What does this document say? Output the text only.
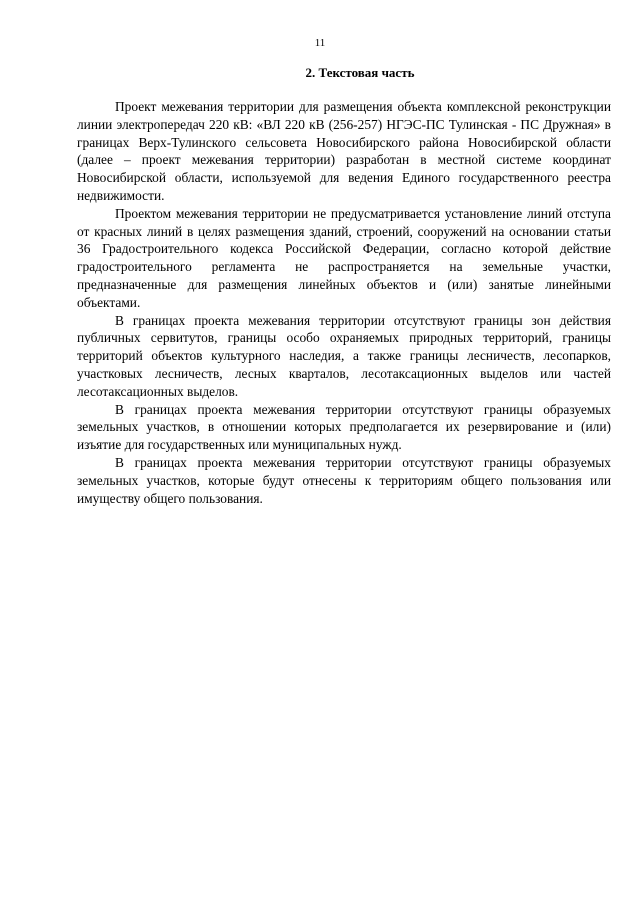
11
2. Текстовая часть

Проект межевания территории для размещения объекта комплексной реконструкции линии электропередач 220 кВ: «ВЛ 220 кВ (256-257) НГЭС-ПС Тулинская - ПС Дружная» в границах Верх-Тулинского сельсовета Новосибирского района Новосибирской области (далее – проект межевания территории) разработан в местной системе координат Новосибирской области, используемой для ведения Единого государственного реестра недвижимости.

Проектом межевания территории не предусматривается установление линий отступа от красных линий в целях размещения зданий, строений, сооружений на основании статьи 36 Градостроительного кодекса Российской Федерации, согласно которой действие градостроительного регламента не распространяется на земельные участки, предназначенные для размещения линейных объектов и (или) занятые линейными объектами.

В границах проекта межевания территории отсутствуют границы зон действия публичных сервитутов, границы особо охраняемых природных территорий, границы территорий объектов культурного наследия, а также границы лесничеств, лесопарков, участковых лесничеств, лесных кварталов, лесотаксационных выделов или частей лесотаксационных выделов.

В границах проекта межевания территории отсутствуют границы образуемых земельных участков, в отношении которых предполагается их резервирование и (или) изъятие для государственных или муниципальных нужд.

В границах проекта межевания территории отсутствуют границы образуемых земельных участков, которые будут отнесены к территориям общего пользования или имуществу общего пользования.
